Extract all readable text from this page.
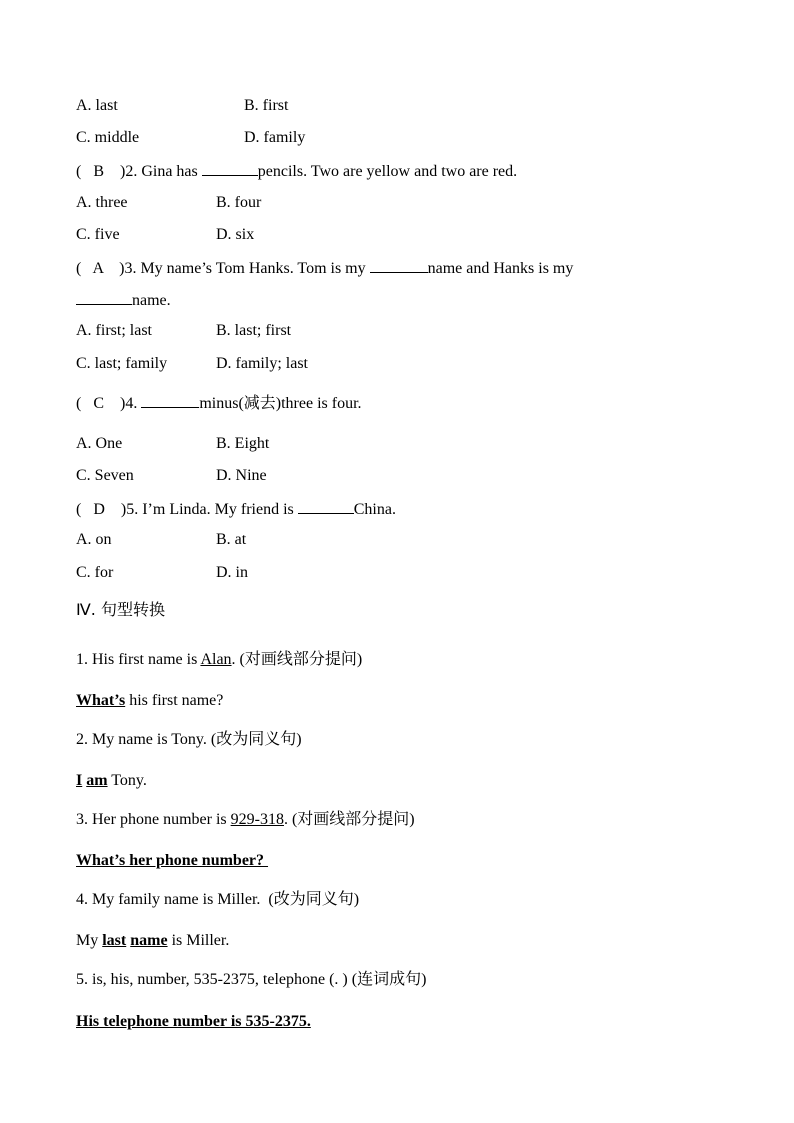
A. last	B. first
C. middle	D. family
(   B )2. Gina has	pencils. Two are yellow and two are red.
A. three	B. four
C. five	D. six
(   A )3. My name’s Tom Hanks. Tom is my	name and Hanks is my
name.
A. first; last	B. last; first
C. last; family	D. family; last
(   C )4.	minus(减去)three is four.
A. One	B. Eight
C. Seven	D. Nine
(   D )5. I’m Linda. My friend is	China.
A. on	B. at
C. for	D. in
Ⅳ. 句型转换
1. His first name is Alan. (对画线部分提问)
What’s his first name?
2. My name is Tony. (改为同义句)
I am Tony.
3. Her phone number is 929-318. (对画线部分提问)
What’s her phone number?
4. My family name is Miller.  (改为同义句)
My last name is Miller.
5. is, his, number, 535-2375, telephone (. ) (连词成句)
His telephone number is 535-2375.
